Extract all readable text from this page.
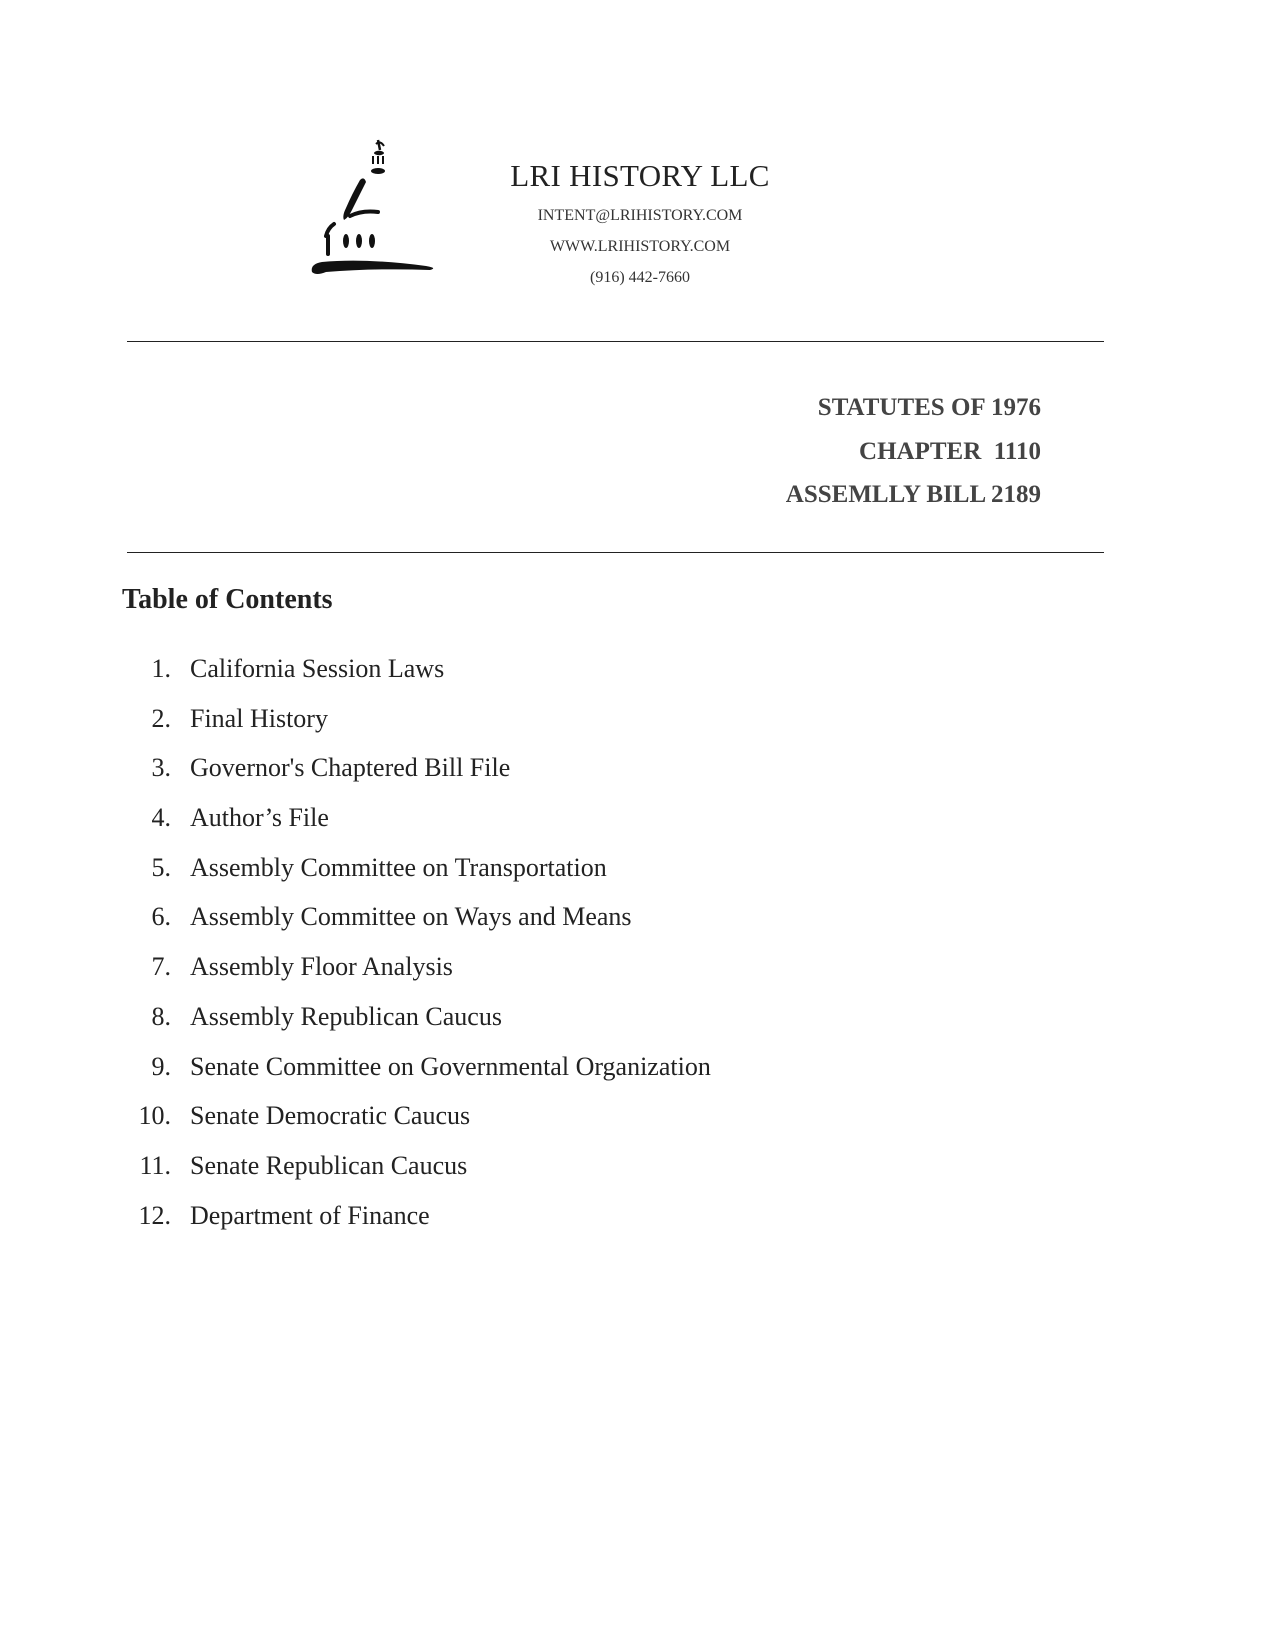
LRI HISTORY LLC
INTENT@LRIHISTORY.COM
WWW.LRIHISTORY.COM
(916) 442-7660
STATUTES OF 1976
CHAPTER  1110
ASSEMLLY BILL 2189
Table of Contents
1. California Session Laws
2. Final History
3. Governor's Chaptered Bill File
4. Author’s File
5. Assembly Committee on Transportation
6. Assembly Committee on Ways and Means
7. Assembly Floor Analysis
8. Assembly Republican Caucus
9. Senate Committee on Governmental Organization
10. Senate Democratic Caucus
11. Senate Republican Caucus
12. Department of Finance
